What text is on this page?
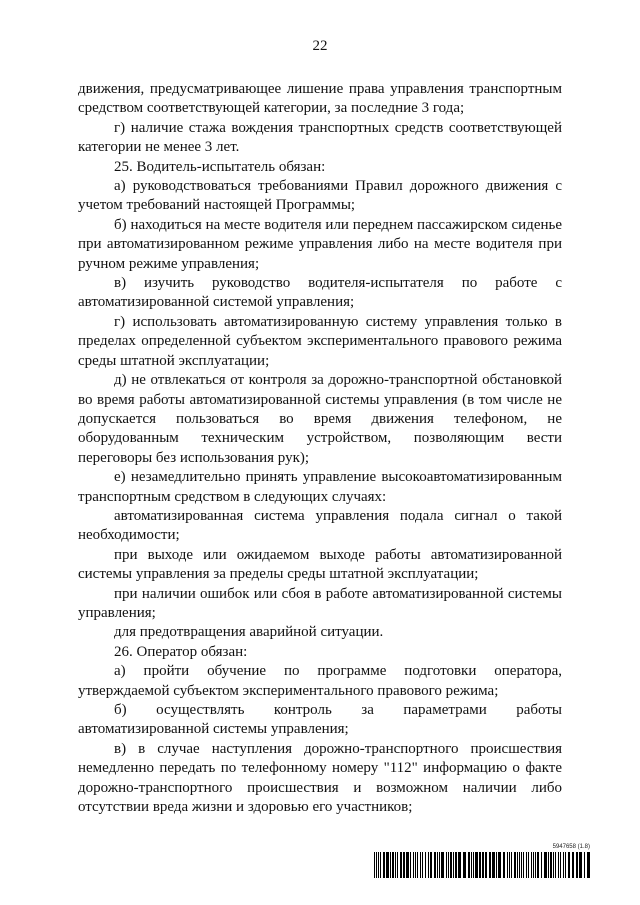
22

движения, предусматривающее лишение права управления транспортным средством соответствующей категории, за последние 3 года;

г) наличие стажа вождения транспортных средств соответствующей категории не менее 3 лет.

25. Водитель-испытатель обязан:

а) руководствоваться требованиями Правил дорожного движения с учетом требований настоящей Программы;

б) находиться на месте водителя или переднем пассажирском сиденье при автоматизированном режиме управления либо на месте водителя при ручном режиме управления;

в) изучить руководство водителя-испытателя по работе с автоматизированной системой управления;

г) использовать автоматизированную систему управления только в пределах определенной субъектом экспериментального правового режима среды штатной эксплуатации;

д) не отвлекаться от контроля за дорожно-транспортной обстановкой во время работы автоматизированной системы управления (в том числе не допускается пользоваться во время движения телефоном, не оборудованным техническим устройством, позволяющим вести переговоры без использования рук);

е) незамедлительно принять управление высокоавтоматизированным транспортным средством в следующих случаях:

автоматизированная система управления подала сигнал о такой необходимости;

при выходе или ожидаемом выходе работы автоматизированной системы управления за пределы среды штатной эксплуатации;

при наличии ошибок или сбоя в работе автоматизированной системы управления;

для предотвращения аварийной ситуации.

26. Оператор обязан:

а) пройти обучение по программе подготовки оператора, утверждаемой субъектом экспериментального правового режима;

б) осуществлять контроль за параметрами работы автоматизированной системы управления;

в) в случае наступления дорожно-транспортного происшествия немедленно передать по телефонному номеру "112" информацию о факте дорожно-транспортного происшествия и возможном наличии либо отсутствии вреда жизни и здоровью его участников;

5947658 (1.8)
